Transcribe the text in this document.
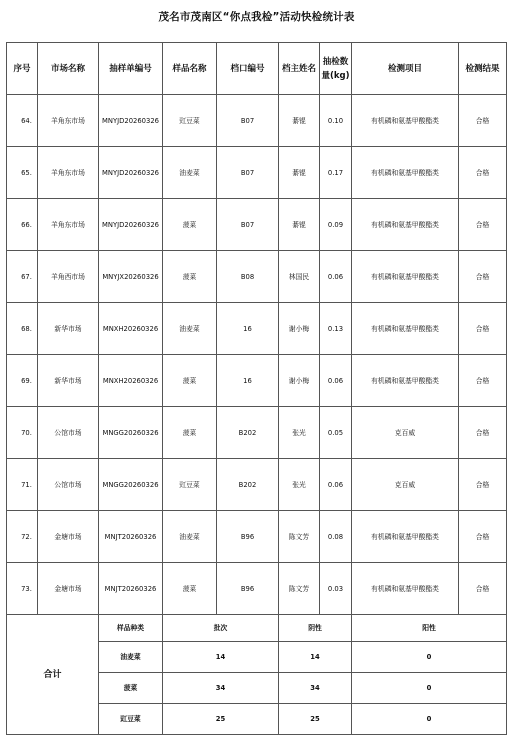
茂名市茂南区“你点我检”活动快检统计表
序号	市场名称	抽样单编号	样品名称	档口编号	档主姓名	抽检数量(kg)	检测项目	检测结果
64.	羊角东市场	MNYJD20260326	豇豆菜	B07	綦锟	0.10	有机磷和氨基甲酸酯类	合格
65.	羊角东市场	MNYJD20260326	油麦菜	B07	綦锟	0.17	有机磷和氨基甲酸酯类	合格
66.	羊角东市场	MNYJD20260326	菠菜	B07	綦锟	0.09	有机磷和氨基甲酸酯类	合格
67.	羊角西市场	MNYJX20260326	菠菜	B08	林国民	0.06	有机磷和氨基甲酸酯类	合格
68.	新华市场	MNXH20260326	油麦菜	16	谢小梅	0.13	有机磷和氨基甲酸酯类	合格
69.	新华市场	MNXH20260326	菠菜	16	谢小梅	0.06	有机磷和氨基甲酸酯类	合格
70.	公馆市场	MNGG20260326	菠菜	B202	张光	0.05	克百威	合格
71.	公馆市场	MNGG20260326	豇豆菜	B202	张光	0.06	克百威	合格
72.	金塘市场	MNJT20260326	油麦菜	B96	陈文芳	0.08	有机磷和氨基甲酸酯类	合格
73.	金塘市场	MNJT20260326	菠菜	B96	陈文芳	0.03	有机磷和氨基甲酸酯类	合格
合计		样品种类	批次		阴性		阳性	
		油麦菜	14		14		0	
		菠菜	34		34		0	
		豇豆菜	25		25		0	
